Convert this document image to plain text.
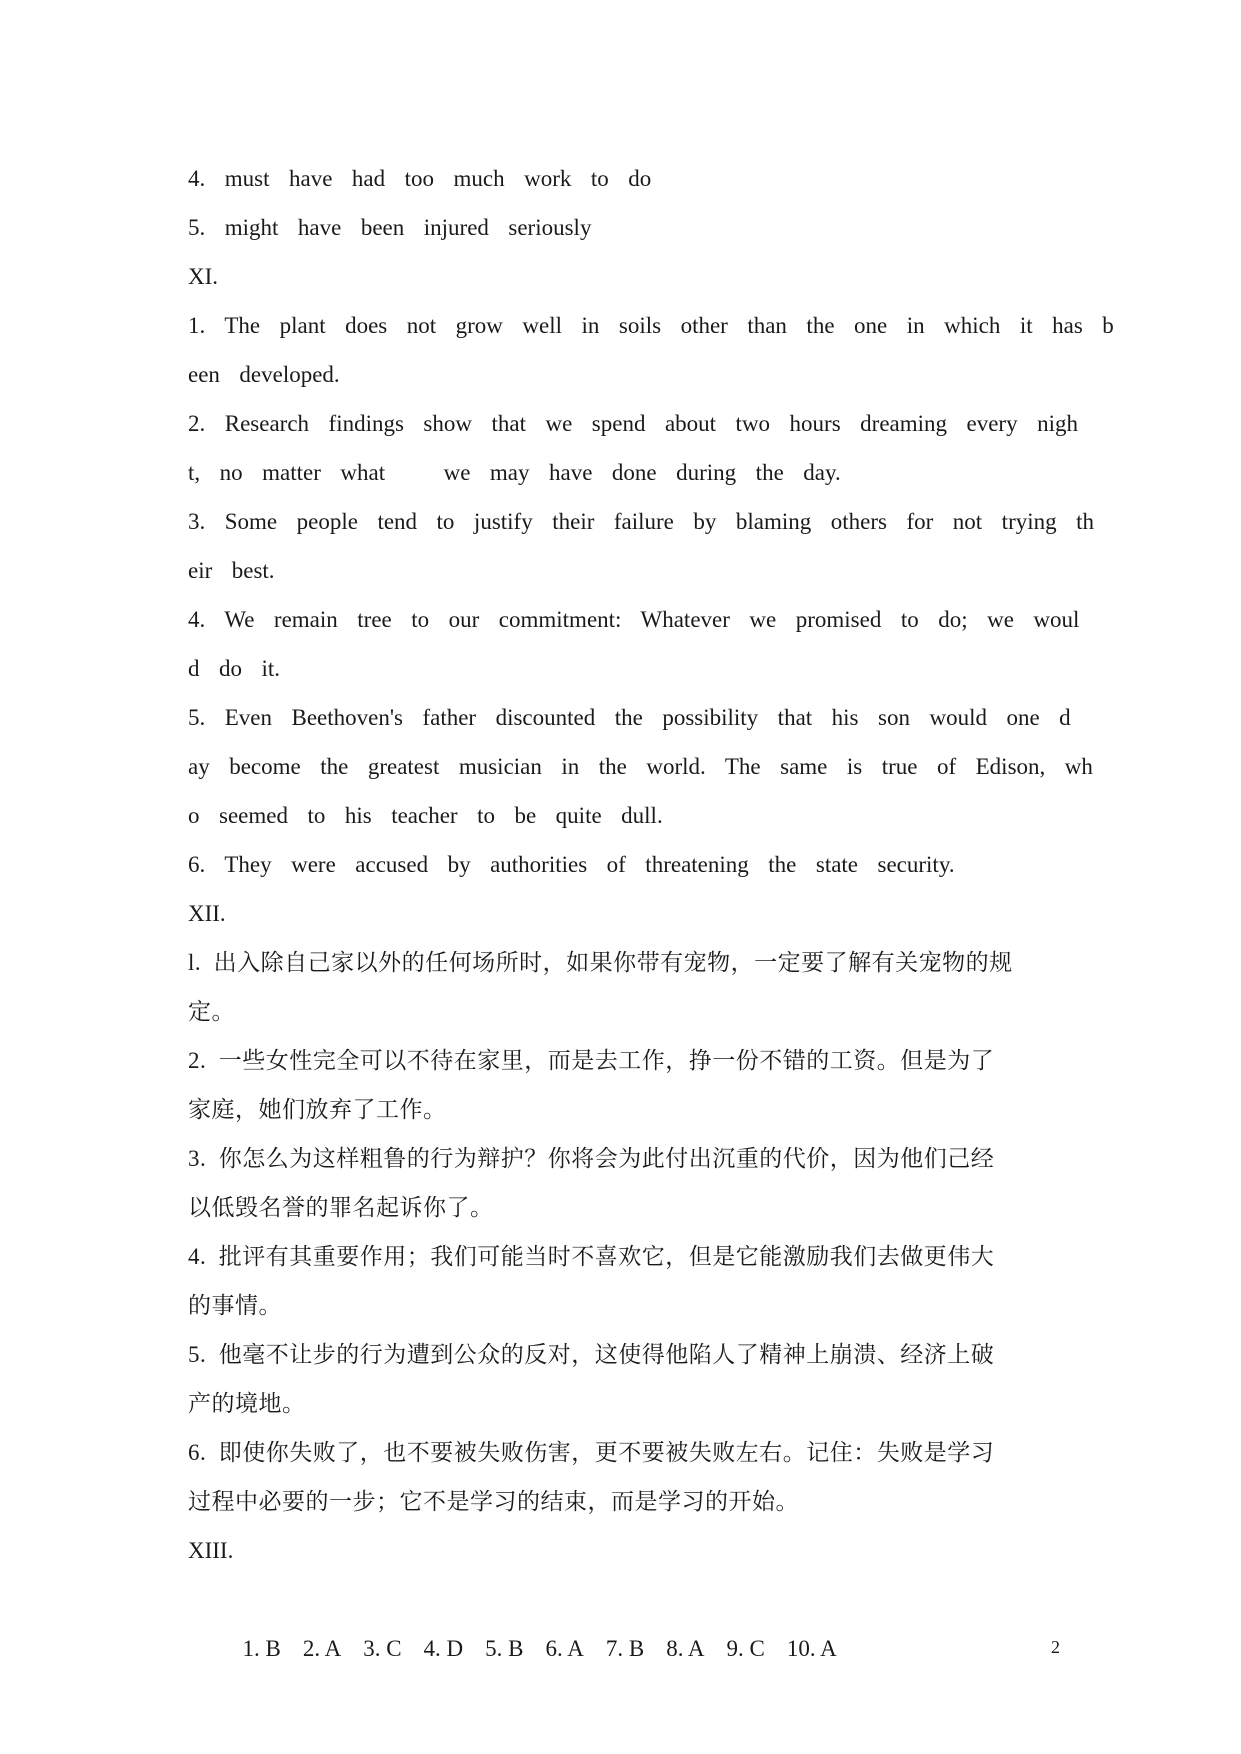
4.  must  have  had  too  much  work  to  do
5.  might  have  been  injured  seriously
XI.
1.  The  plant  does  not  grow  well  in  soils  other  than  the  one  in  which  it  has  b
een  developed.
2.  Research  findings  show  that  we  spend  about  two  hours  dreaming  every  nigh
t,  no  matter  what      we  may  have  done  during  the  day.
3.  Some  people  tend  to  justify  their  failure  by  blaming  others  for  not  trying  th
eir  best.
4.  We  remain  tree  to  our  commitment:  Whatever  we  promised  to  do;  we  woul
d  do  it.
5.  Even  Beethoven's  father  discounted  the  possibility  that  his  son  would  one  d
ay  become  the  greatest  musician  in  the  world.  The  same  is  true  of  Edison,  wh
o  seemed  to  his  teacher  to  be  quite  dull.
6.  They  were  accused  by  authorities  of  threatening  the  state  security.
XII.
l.  出入除自己家以外的任何场所时，如果你带有宠物，一定要了解有关宠物的规
定。
2.  一些女性完全可以不待在家里，而是去工作，挣一份不错的工资。但是为了
家庭，她们放弃了工作。
3.  你怎么为这样粗鲁的行为辩护？你将会为此付出沉重的代价，因为他们己经
以低毁名誉的罪名起诉你了。
4.  批评有其重要作用；我们可能当时不喜欢它，但是它能激励我们去做更伟大
的事情。
5.  他毫不让步的行为遭到公众的反对，这使得他陷人了精神上崩溃、经济上破
产的境地。
6.  即使你失败了，也不要被失败伤害，更不要被失败左右。记住：失败是学习
过程中必要的一步；它不是学习的结束，而是学习的开始。
XIII.

1. B 2. A 3. C 4. D 5. B 6. A 7. B 8. A 9. C 10. A
	2
